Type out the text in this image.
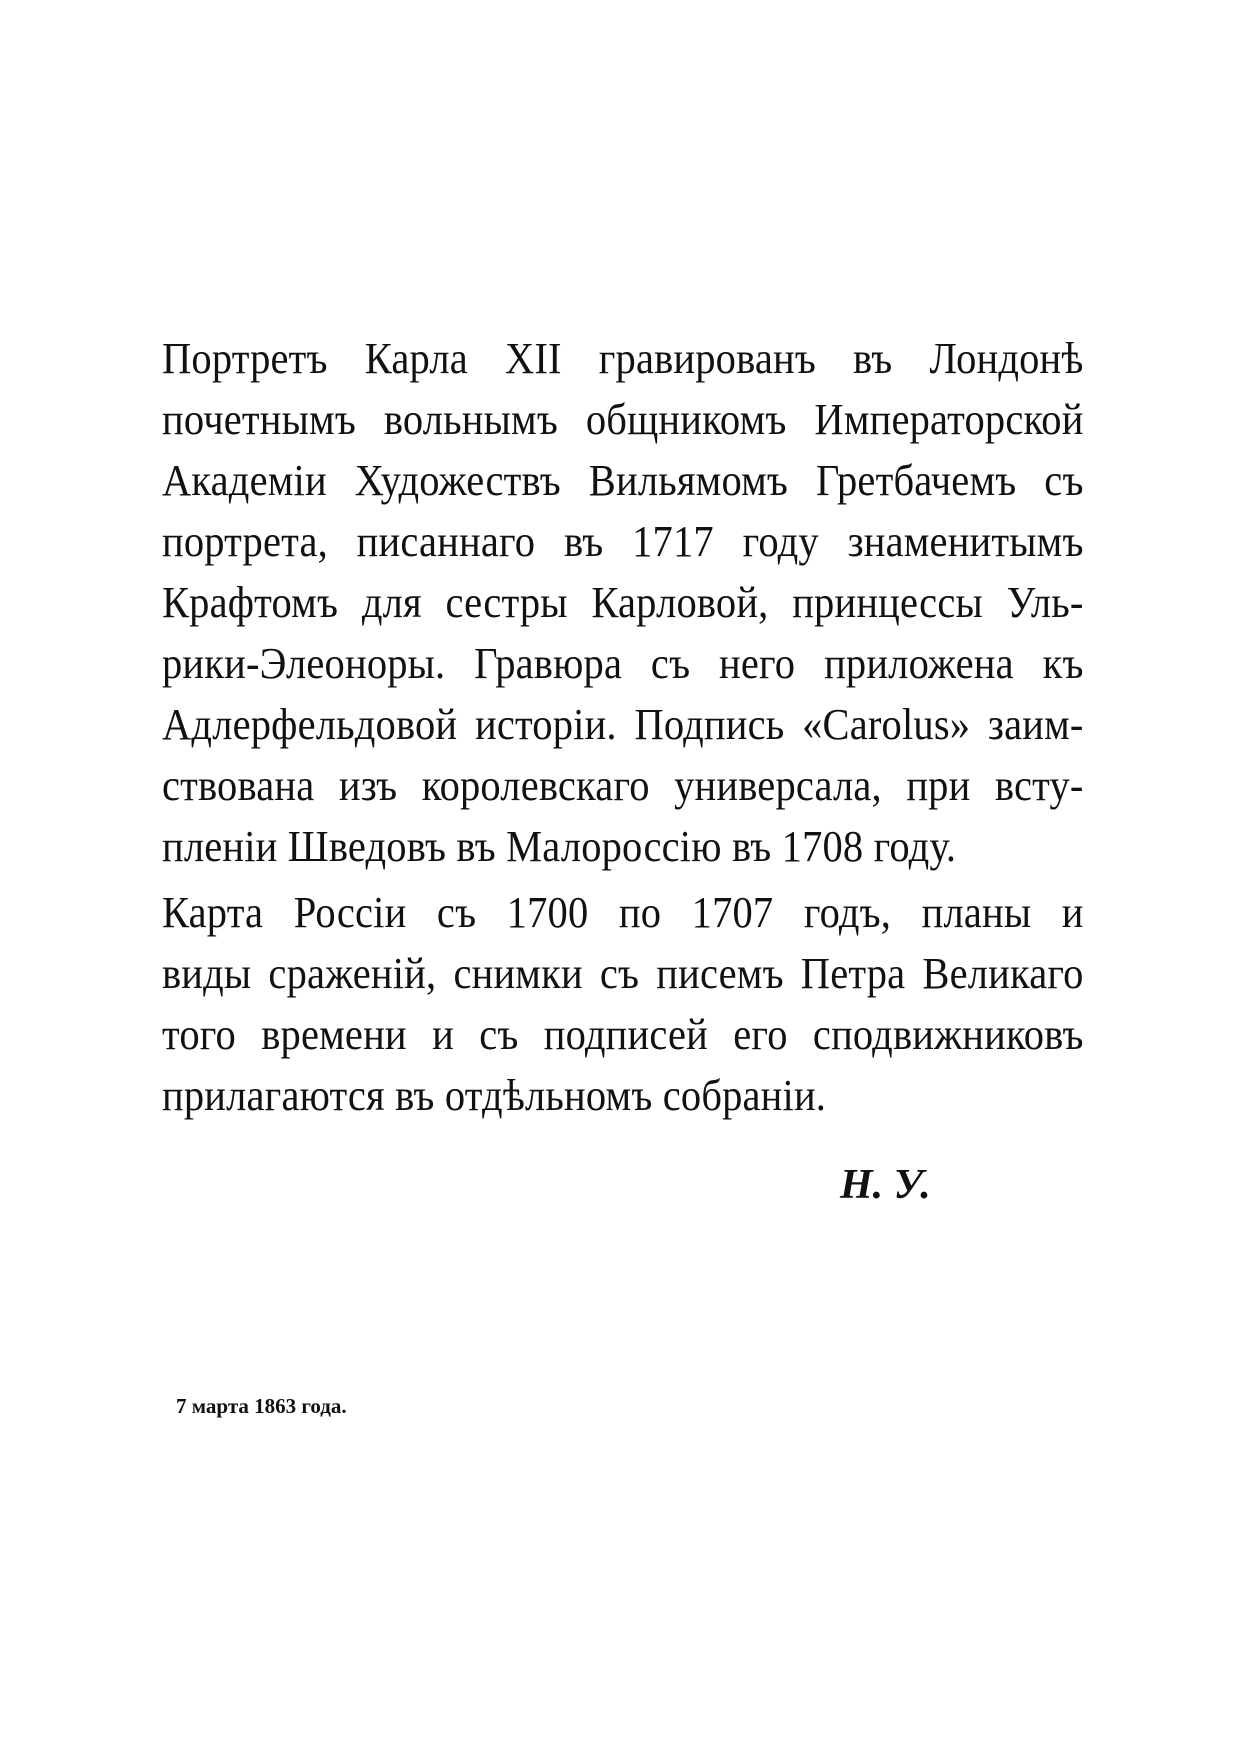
Портретъ Карла XII гравированъ въ Лондонѣ
почетнымъ вольнымъ общникомъ Императорской
Академіи Художествъ Вильямомъ Гретбачемъ съ
портрета, писаннаго въ 1717 году знаменитымъ
Крафтомъ для сестры Карловой, принцессы Уль-
рики-Элеоноры. Гравюра съ него приложена къ
Адлерфельдовой исторіи. Подпись «Carolus» заим-
ствована изъ королевскаго универсала, при всту-
пленіи Шведовъ въ Малороссію въ 1708 году.
Карта Россіи съ 1700 по 1707 годъ, планы и
виды сраженій, снимки съ писемъ Петра Великаго
того времени и съ подписей его сподвижниковъ
прилагаются въ отдѣльномъ собраніи.
Н. У.
7 марта 1863 года.
